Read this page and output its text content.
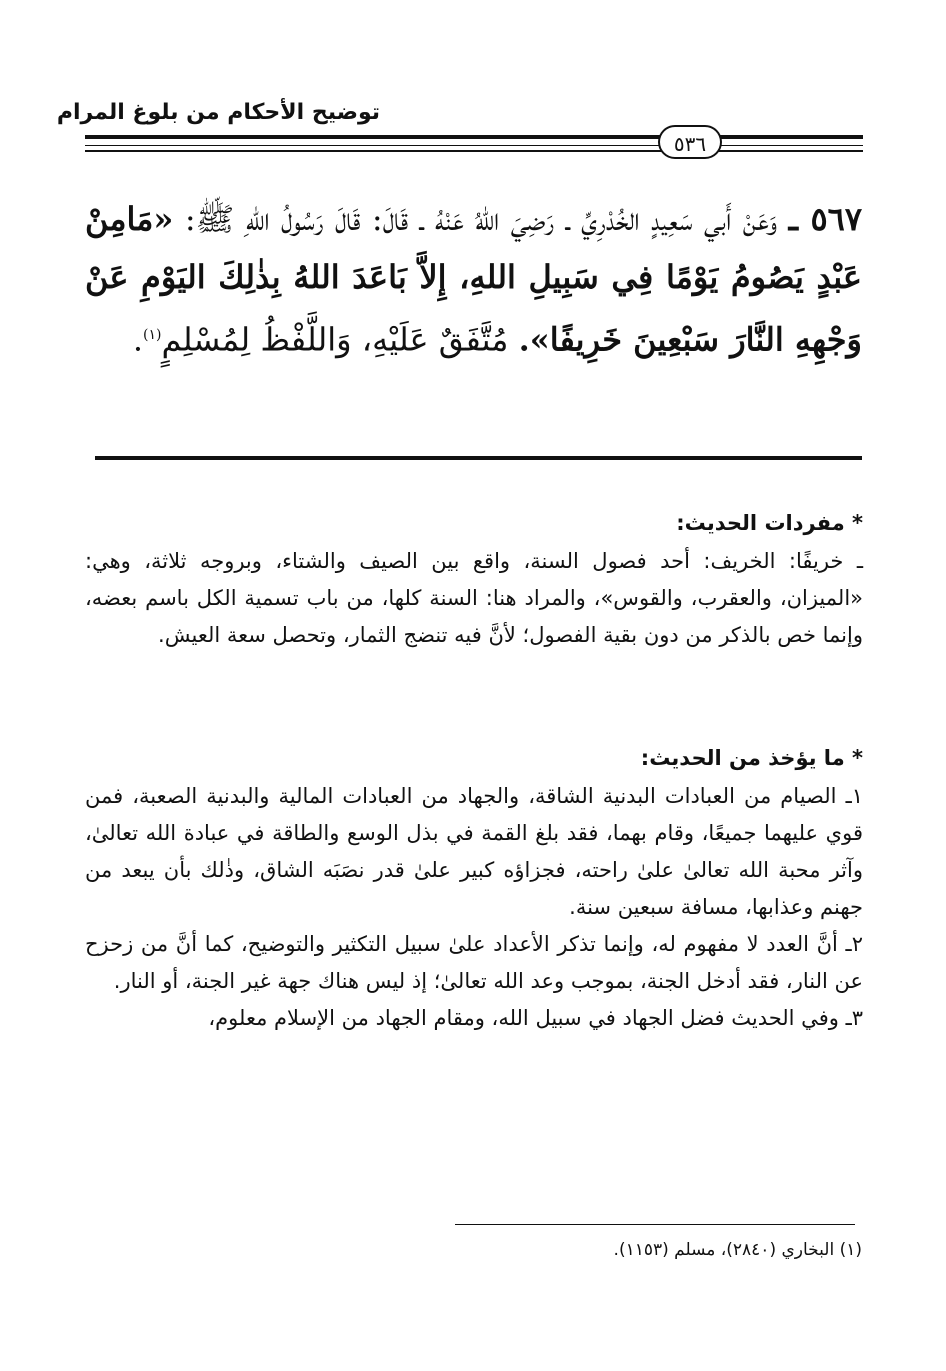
توضيح الأحكام من بلوغ المرام
٥٣٦
٥٦٧ ـ وَعَنْ أَبي سَعِيدٍ الخُدْرِيِّ ـ رَضِيَ اللهُ عَنْهُ ـ قَالَ: قَالَ رَسُولُ اللهِ ﷺ: «مَامِنْ عَبْدٍ يَصُومُ يَوْمًا فِي سَبِيلِ اللهِ، إِلاَّ بَاعَدَ اللهُ بِذٰلِكَ اليَوْمِ عَنْ وَجْهِهِ النَّارَ سَبْعِينَ خَرِيفًا». مُتَّفَقٌ عَلَيْهِ، وَاللَّفْظُ لِمُسْلِمٍ$^{(١)}$.
* مفردات الحديث:

ـ خريفًا: الخريف: أحد فصول السنة، واقع بين الصيف والشتاء، وبروجه ثلاثة، وهي: «الميزان، والعقرب، والقوس»، والمراد هنا: السنة كلها، من باب تسمية الكل باسم بعضه، وإنما خص بالذكر من دون بقية الفصول؛ لأنَّ فيه تنضج الثمار، وتحصل سعة العيش.

* ما يؤخذ من الحديث:

١ـ الصيام من العبادات البدنية الشاقة، والجهاد من العبادات المالية والبدنية الصعبة، فمن قوي عليهما جميعًا، وقام بهما، فقد بلغ القمة في بذل الوسع والطاقة في عبادة الله تعالىٰ، وآثر محبة الله تعالىٰ علىٰ راحته، فجزاؤه كبير علىٰ قدر نصَبَه الشاق، وذٰلك بأن يبعد من جهنم وعذابها، مسافة سبعين سنة.

٢ـ أنَّ العدد لا مفهوم له، وإنما تذكر الأعداد علىٰ سبيل التكثير والتوضيح، كما أنَّ من زحزح عن النار، فقد أدخل الجنة، بموجب وعد الله تعالىٰ؛ إذ ليس هناك جهة غير الجنة، أو النار.

٣ـ وفي الحديث فضل الجهاد في سبيل الله، ومقام الجهاد من الإسلام معلوم،

(١) البخاري (٢٨٤٠)، مسلم (١١٥٣).
